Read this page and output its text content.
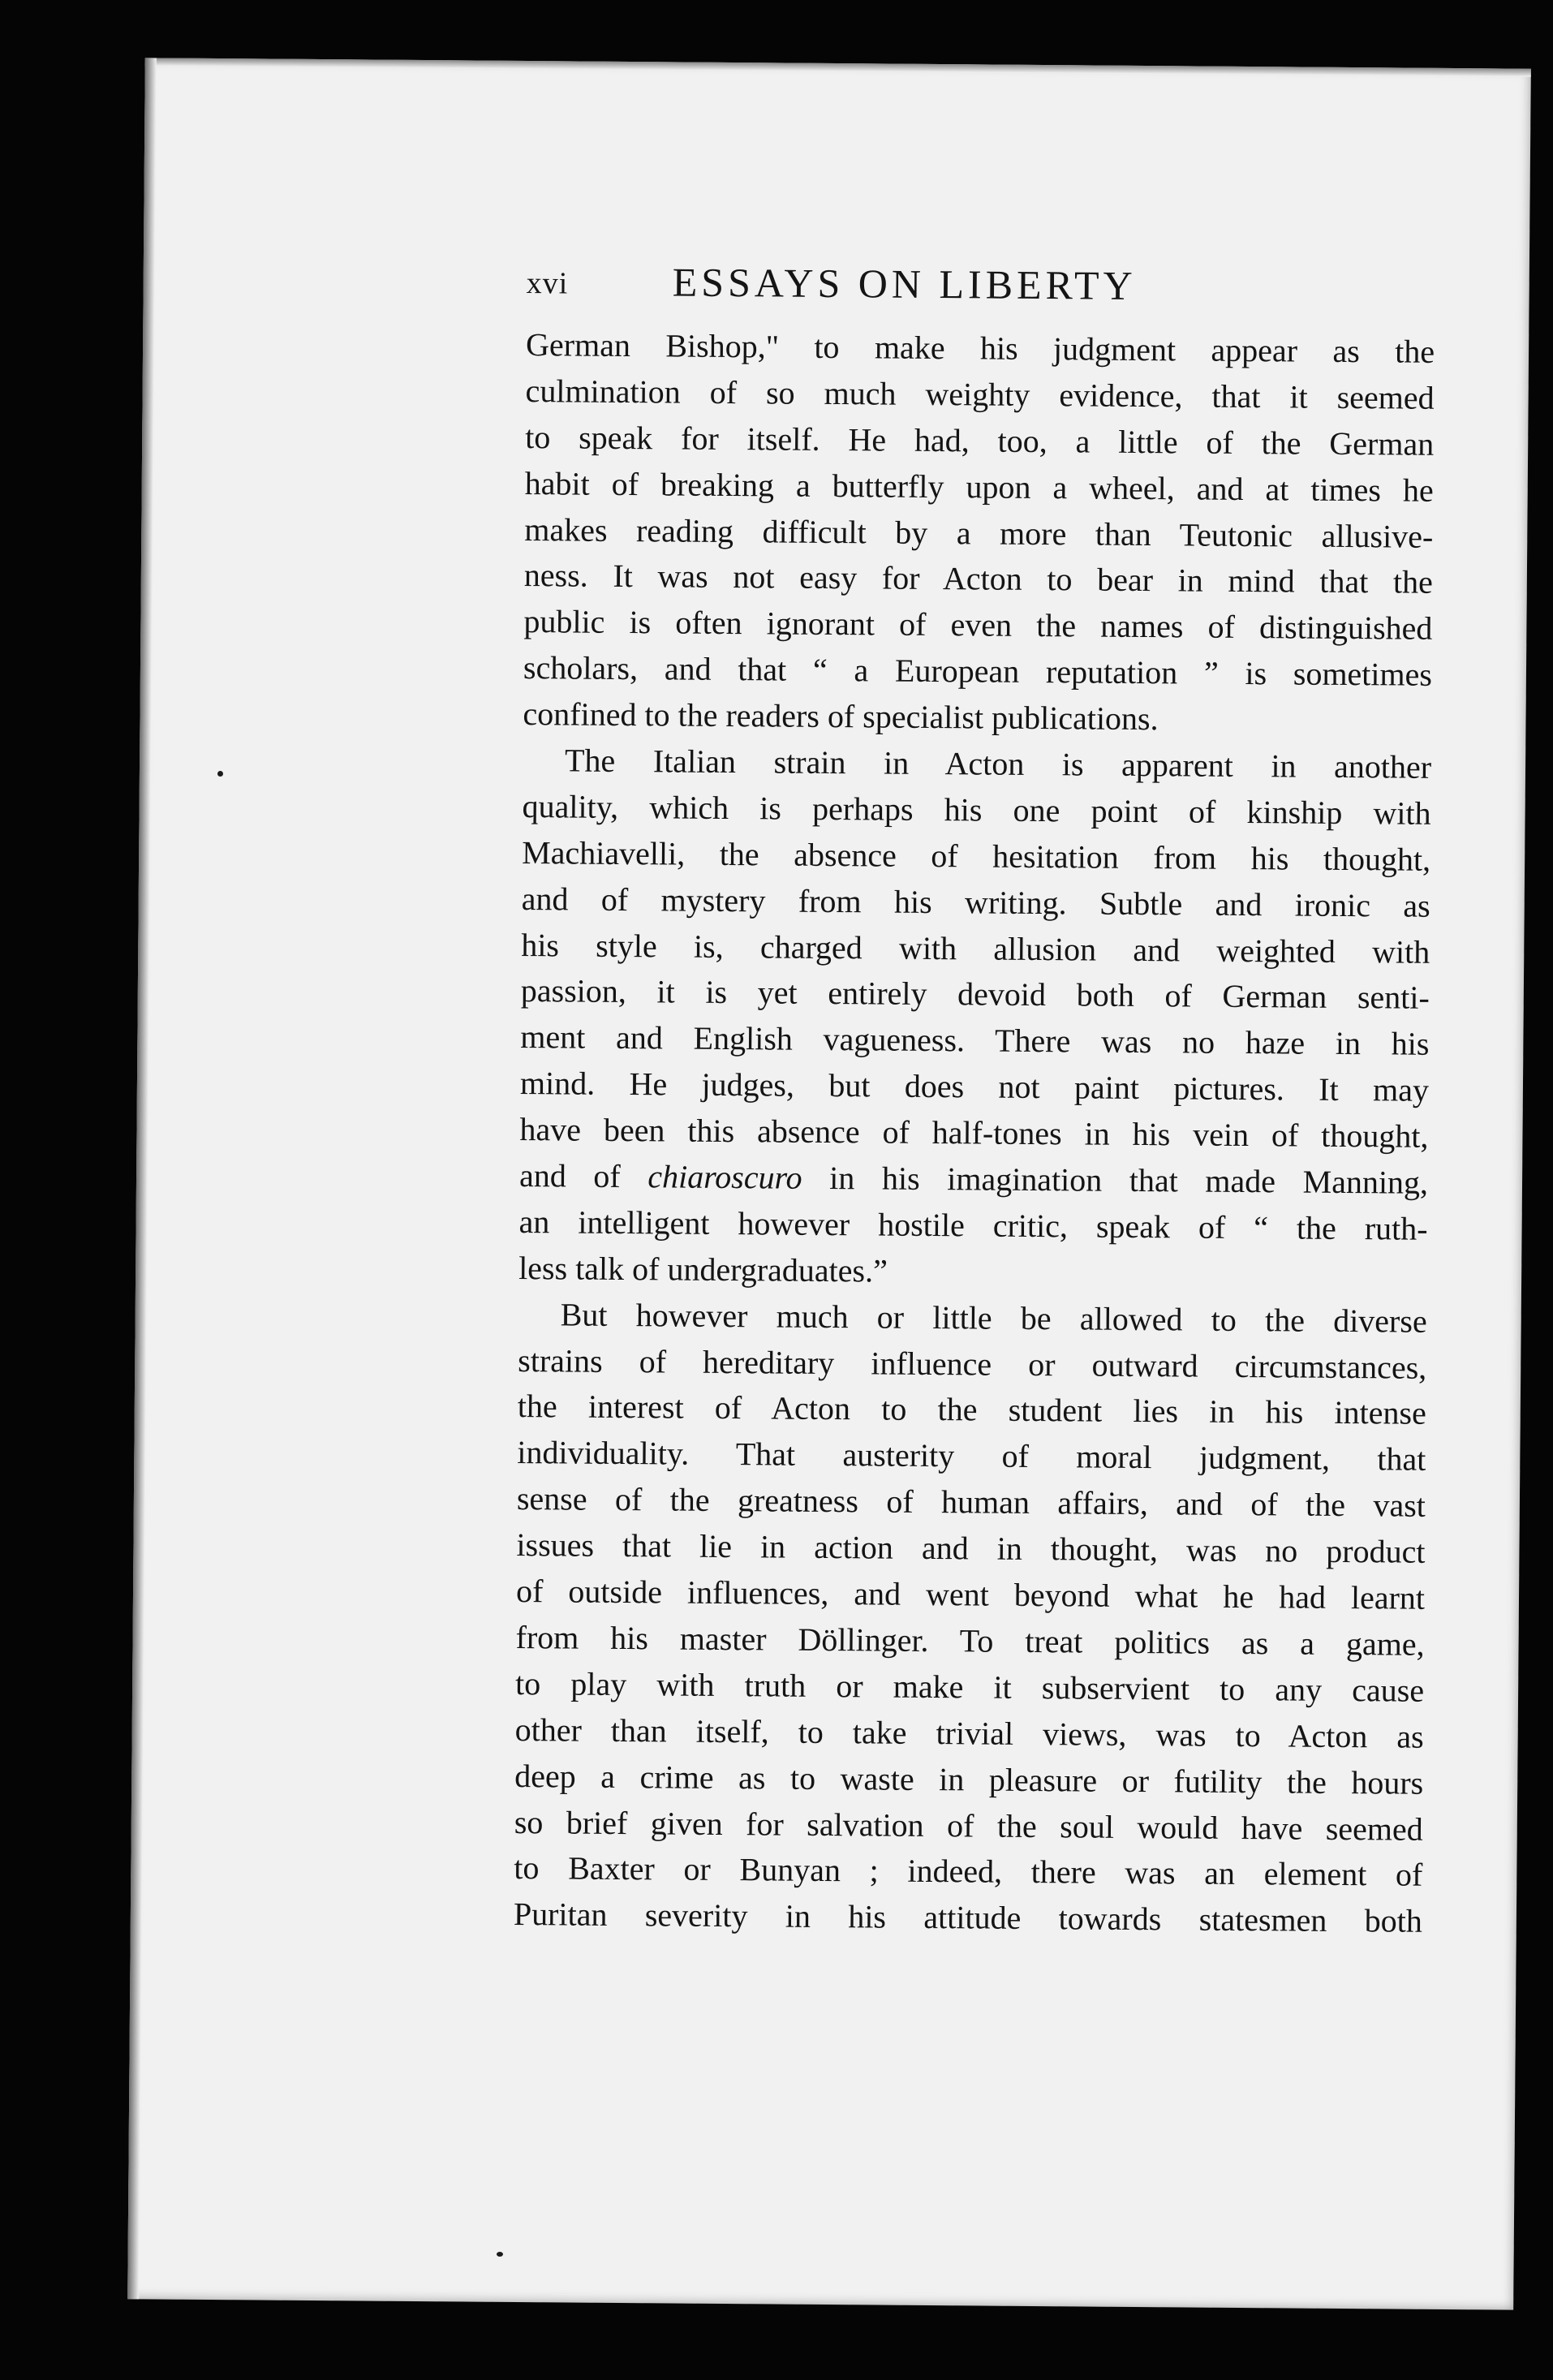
xvi	ESSAYS ON LIBERTY
German Bishop," to make his judgment appear as the
culmination of so much weighty evidence, that it seemed
to speak for itself. He had, too, a little of the German
habit of breaking a butterfly upon a wheel, and at times he
makes reading difficult by a more than Teutonic allusive-
ness. It was not easy for Acton to bear in mind that the
public is often ignorant of even the names of distinguished
scholars, and that “ a European reputation ” is sometimes
confined to the readers of specialist publications.
The Italian strain in Acton is apparent in another
quality, which is perhaps his one point of kinship with
Machiavelli, the absence of hesitation from his thought,
and of mystery from his writing. Subtle and ironic as
his style is, charged with allusion and weighted with
passion, it is yet entirely devoid both of German senti-
ment and English vagueness. There was no haze in his
mind. He judges, but does not paint pictures. It may
have been this absence of half-tones in his vein of thought,
and of chiaroscuro in his imagination that made Manning,
an intelligent however hostile critic, speak of “ the ruth-
less talk of undergraduates.”
But however much or little be allowed to the diverse
strains of hereditary influence or outward circumstances,
the interest of Acton to the student lies in his intense
individuality. That austerity of moral judgment, that
sense of the greatness of human affairs, and of the vast
issues that lie in action and in thought, was no product
of outside influences, and went beyond what he had learnt
from his master Döllinger. To treat politics as a game,
to play with truth or make it subservient to any cause
other than itself, to take trivial views, was to Acton as
deep a crime as to waste in pleasure or futility the hours
so brief given for salvation of the soul would have seemed
to Baxter or Bunyan ; indeed, there was an element of
Puritan severity in his attitude towards statesmen both
